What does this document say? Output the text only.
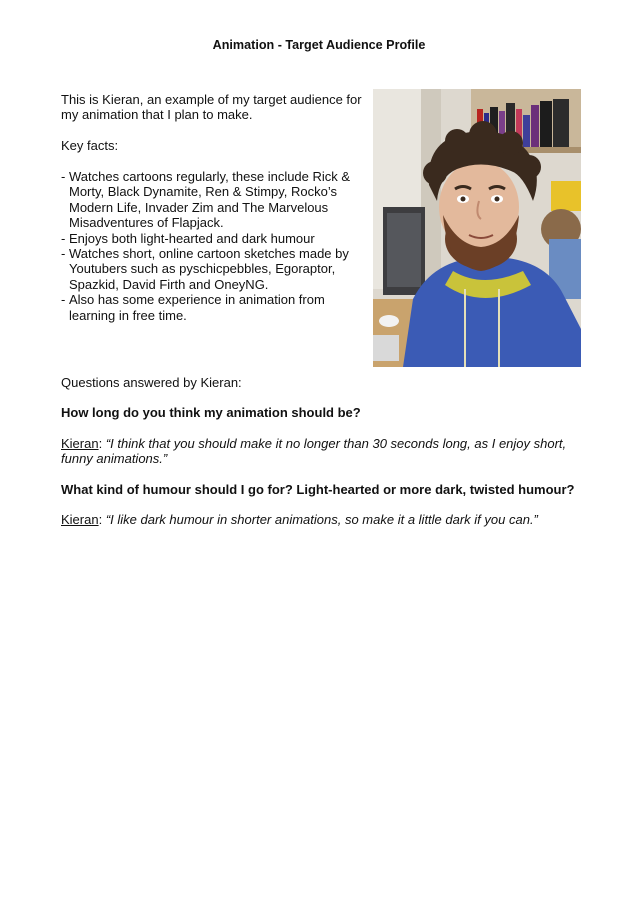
Animation - Target Audience Profile

This is Kieran, an example of my target audience for my animation that I plan to make.

Key facts:

- Watches cartoons regularly, these include Rick & Morty, Black Dynamite, Ren & Stimpy, Rocko’s Modern Life, Invader Zim and The Marvelous Misadventures of Flapjack.
- Enjoys both light-hearted and dark humour
- Watches short, online cartoon sketches made by Youtubers such as pyschicpebbles, Egoraptor, Spazkid, David Firth and OneyNG.
- Also has some experience in animation from learning in free time.

Questions answered by Kieran:

How long do you think my animation should be?

Kieran: “I think that you should make it no longer than 30 seconds long, as I enjoy short, funny animations.”

What kind of humour should I go for? Light-hearted or more dark, twisted humour?

Kieran: “I like dark humour in shorter animations, so make it a little dark if you can.”
